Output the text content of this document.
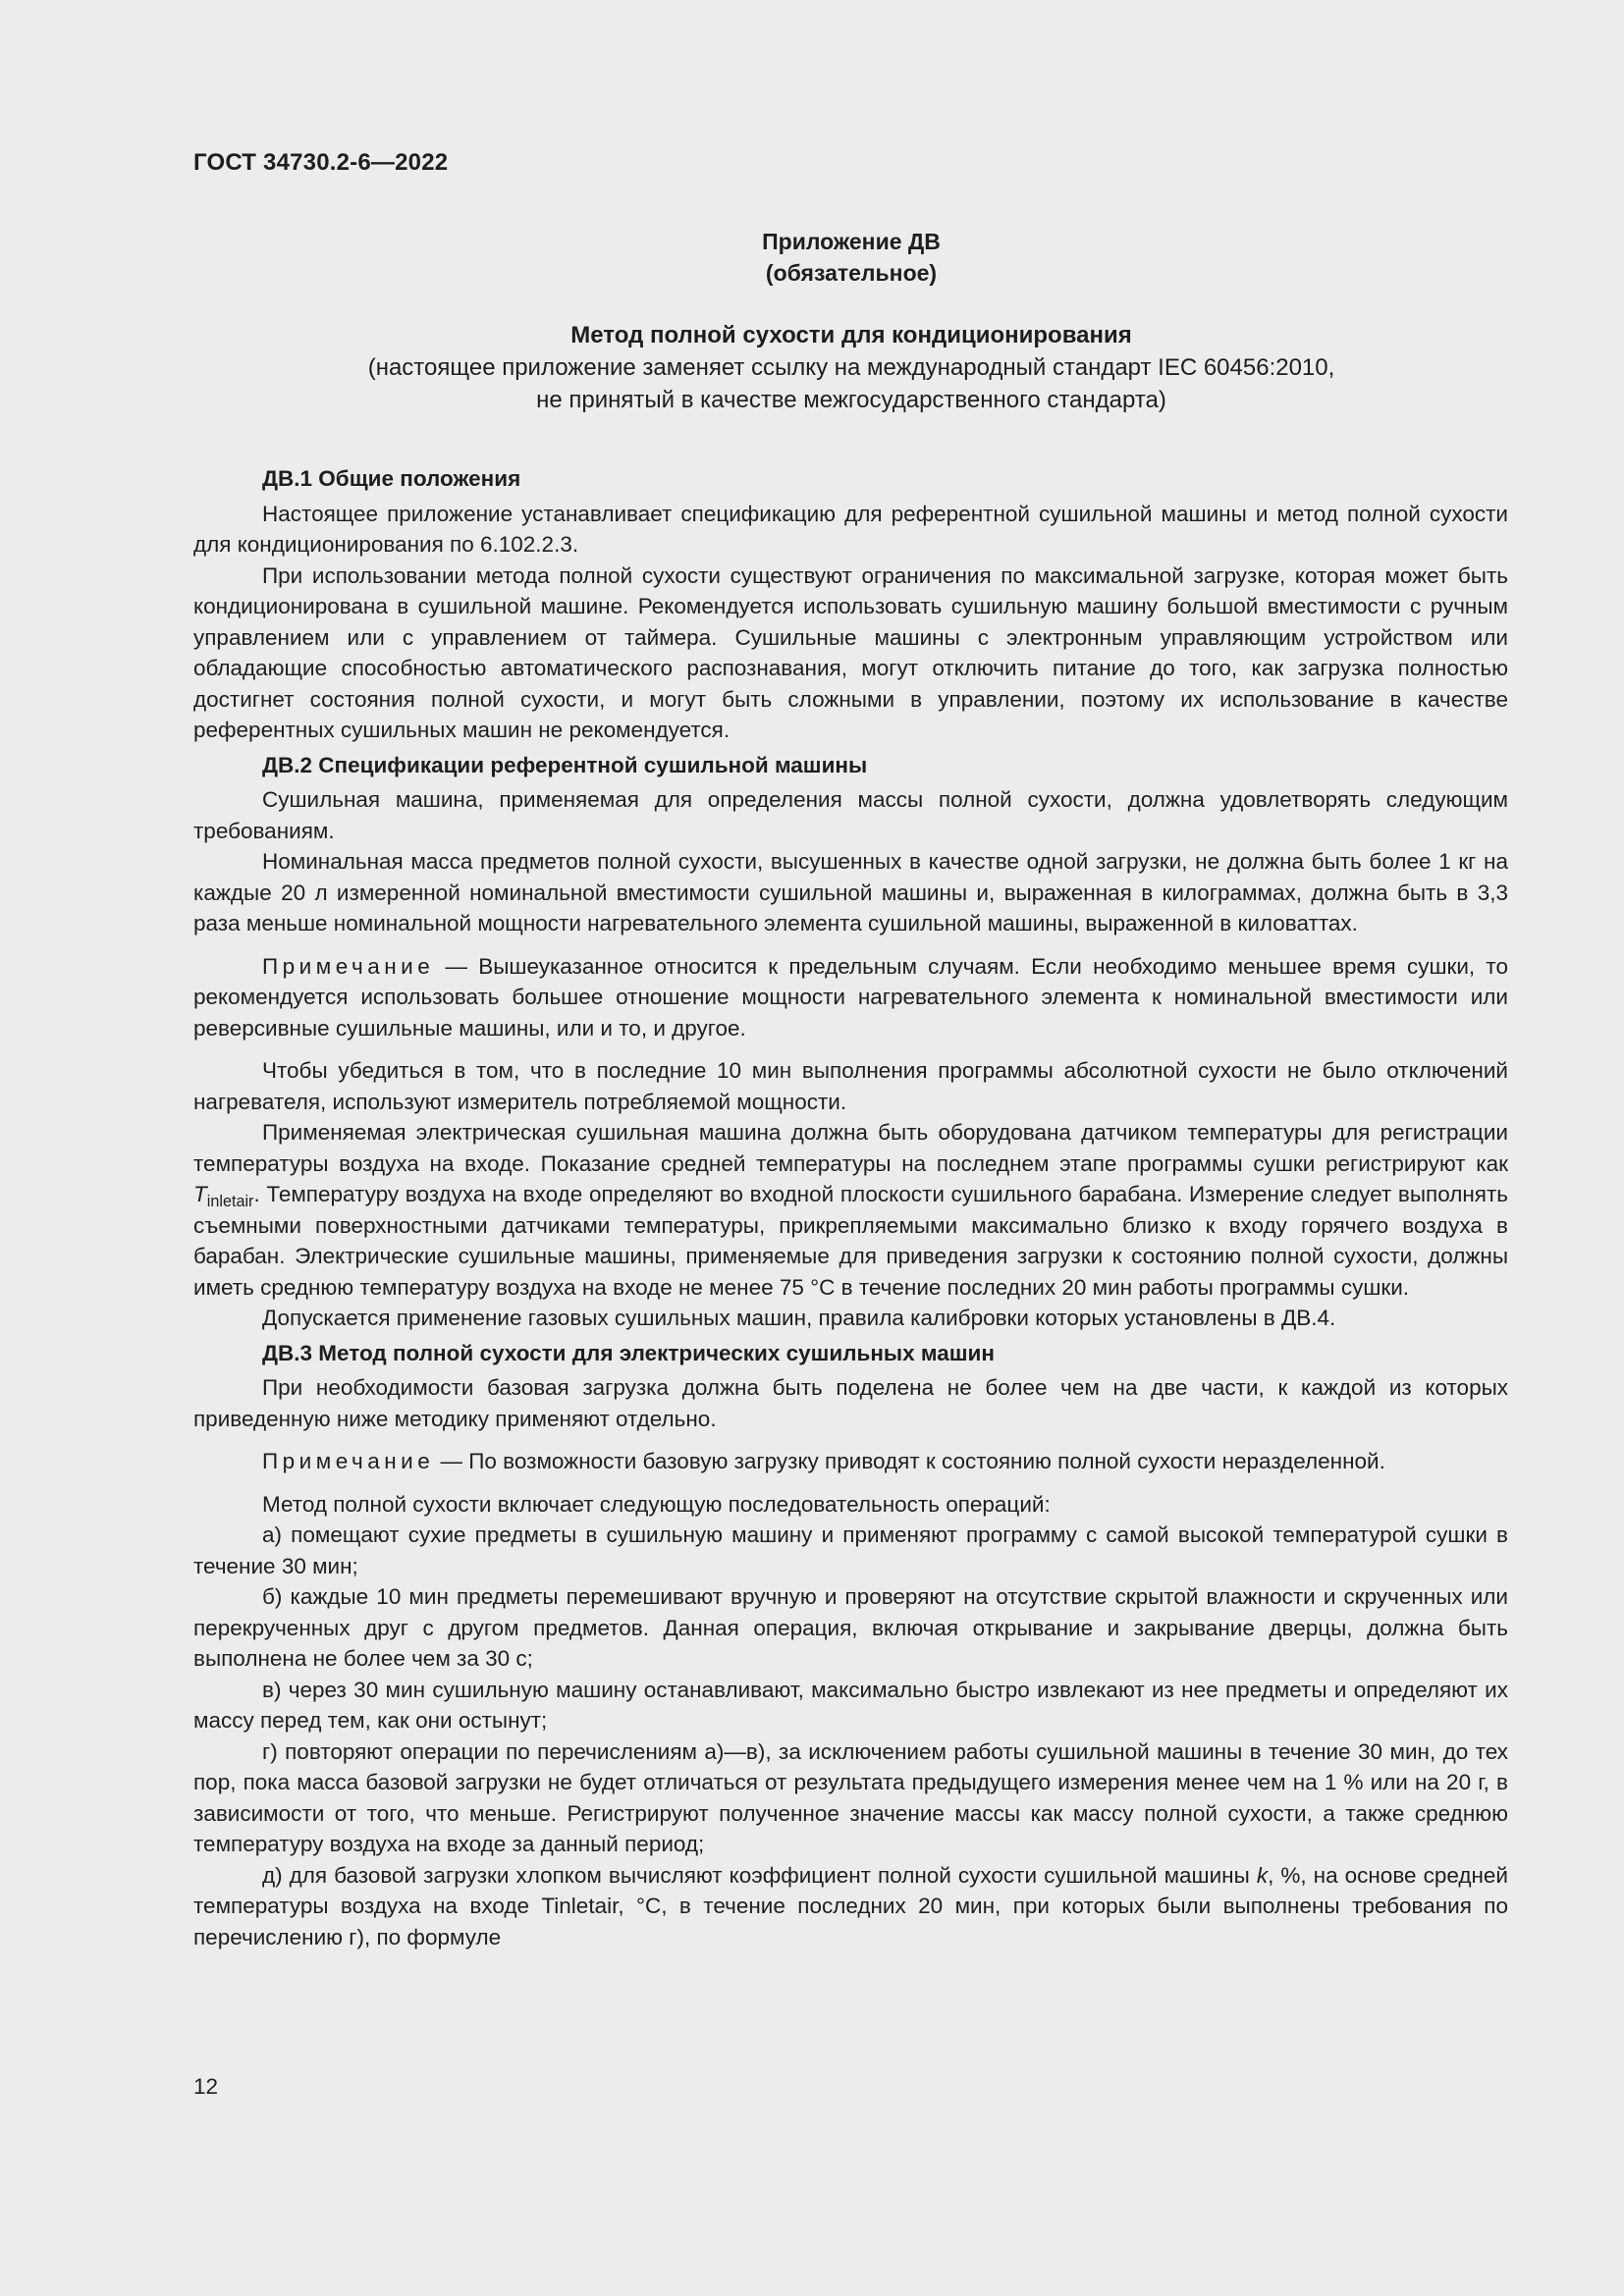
ГОСТ 34730.2-6—2022
Приложение ДВ
(обязательное)
Метод полной сухости для кондиционирования
(настоящее приложение заменяет ссылку на международный стандарт IEC 60456:2010,
не принятый в качестве межгосударственного стандарта)
ДВ.1 Общие положения

Настоящее приложение устанавливает спецификацию для референтной сушильной машины и метод полной сухости для кондиционирования по 6.102.2.3.

При использовании метода полной сухости существуют ограничения по максимальной загрузке, которая может быть кондиционирована в сушильной машине. Рекомендуется использовать сушильную машину большой вместимости с ручным управлением или с управлением от таймера. Сушильные машины с электронным управляющим устройством или обладающие способностью автоматического распознавания, могут отключить питание до того, как загрузка полностью достигнет состояния полной сухости, и могут быть сложными в управлении, поэтому их использование в качестве референтных сушильных машин не рекомендуется.

ДВ.2 Спецификации референтной сушильной машины

Сушильная машина, применяемая для определения массы полной сухости, должна удовлетворять следующим требованиям.

Номинальная масса предметов полной сухости, высушенных в качестве одной загрузки, не должна быть более 1 кг на каждые 20 л измеренной номинальной вместимости сушильной машины и, выраженная в килограммах, должна быть в 3,3 раза меньше номинальной мощности нагревательного элемента сушильной машины, выраженной в киловаттах.

Примечание — Вышеуказанное относится к предельным случаям. Если необходимо меньшее время сушки, то рекомендуется использовать большее отношение мощности нагревательного элемента к номинальной вместимости или реверсивные сушильные машины, или и то, и другое.

Чтобы убедиться в том, что в последние 10 мин выполнения программы абсолютной сухости не было отключений нагревателя, используют измеритель потребляемой мощности.

Применяемая электрическая сушильная машина должна быть оборудована датчиком температуры для регистрации температуры воздуха на входе. Показание средней температуры на последнем этапе программы сушки регистрируют как $T_{inletair}$. Температуру воздуха на входе определяют во входной плоскости сушильного барабана. Измерение следует выполнять съемными поверхностными датчиками температуры, прикрепляемыми максимально близко к входу горячего воздуха в барабан. Электрические сушильные машины, применяемые для приведения загрузки к состоянию полной сухости, должны иметь среднюю температуру воздуха на входе не менее 75 °С в течение последних 20 мин работы программы сушки.

Допускается применение газовых сушильных машин, правила калибровки которых установлены в ДВ.4.

ДВ.3 Метод полной сухости для электрических сушильных машин

При необходимости базовая загрузка должна быть поделена не более чем на две части, к каждой из которых приведенную ниже методику применяют отдельно.

Примечание — По возможности базовую загрузку приводят к состоянию полной сухости неразделенной.

Метод полной сухости включает следующую последовательность операций:

а) помещают сухие предметы в сушильную машину и применяют программу с самой высокой температурой сушки в течение 30 мин;

б) каждые 10 мин предметы перемешивают вручную и проверяют на отсутствие скрытой влажности и скрученных или перекрученных друг с другом предметов. Данная операция, включая открывание и закрывание дверцы, должна быть выполнена не более чем за 30 с;

в) через 30 мин сушильную машину останавливают, максимально быстро извлекают из нее предметы и определяют их массу перед тем, как они остынут;

г) повторяют операции по перечислениям а)—в), за исключением работы сушильной машины в течение 30 мин, до тех пор, пока масса базовой загрузки не будет отличаться от результата предыдущего измерения менее чем на 1 % или на 20 г, в зависимости от того, что меньше. Регистрируют полученное значение массы как массу полной сухости, а также среднюю температуру воздуха на входе за данный период;

д) для базовой загрузки хлопком вычисляют коэффициент полной сухости сушильной машины k, %, на основе средней температуры воздуха на входе Tinletair, °С, в течение последних 20 мин, при которых были выполнены требования по перечислению г), по формуле

12
